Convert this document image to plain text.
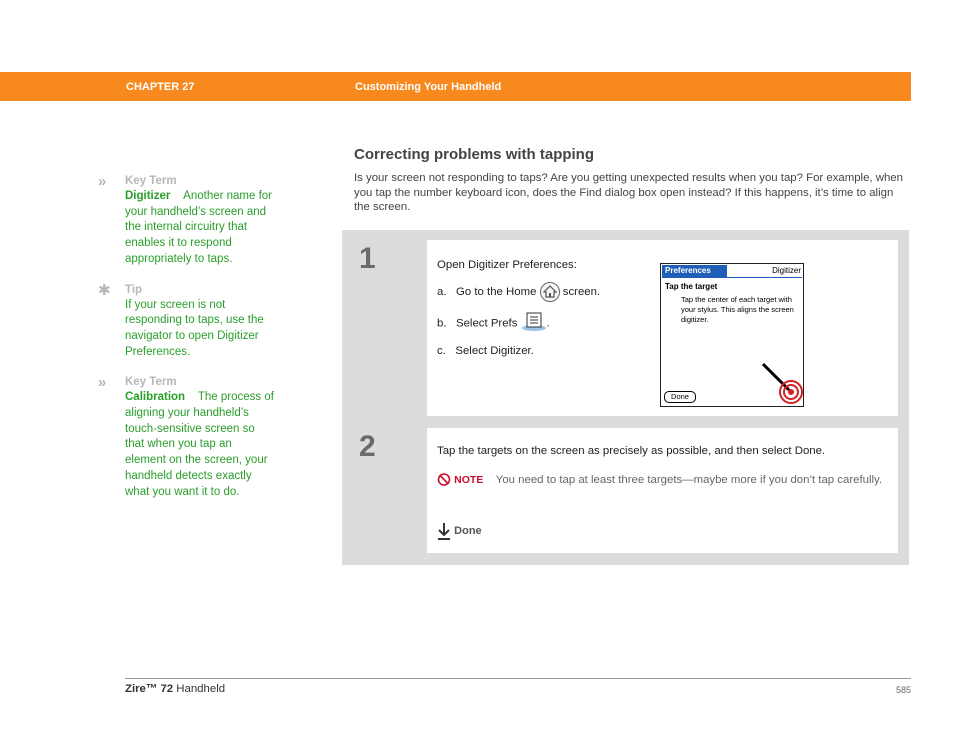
CHAPTER 27	Customizing Your Handheld
»	Key Term
Digitizer Another name for your handheld’s screen and the internal circuitry that enables it to respond appropriately to taps.
✱	Tip
If your screen is not responding to taps, use the navigator to open Digitizer Preferences.
»	Key Term
Calibration The process of aligning your handheld’s touch-sensitive screen so that when you tap an element on the screen, your handheld detects exactly what you want it to do.
Correcting problems with tapping
Is your screen not responding to taps? Are you getting unexpected results when you tap? For example, when you tap the number keyboard icon, does the Find dialog box open instead? If this happens, it’s time to align the screen.
1	Open Digitizer Preferences:
a. Go to the Home screen.
b. Select Prefs	.
c. Select Digitizer.
Preferences	Digitizer
Tap the target
Tap the center of each target with your stylus. This aligns the screen digitizer.
Done
2	Tap the targets on the screen as precisely as possible, and then select Done.
NOTE You need to tap at least three targets—maybe more if you don’t tap carefully.
Done
Zire™ 72 Handheld	585
